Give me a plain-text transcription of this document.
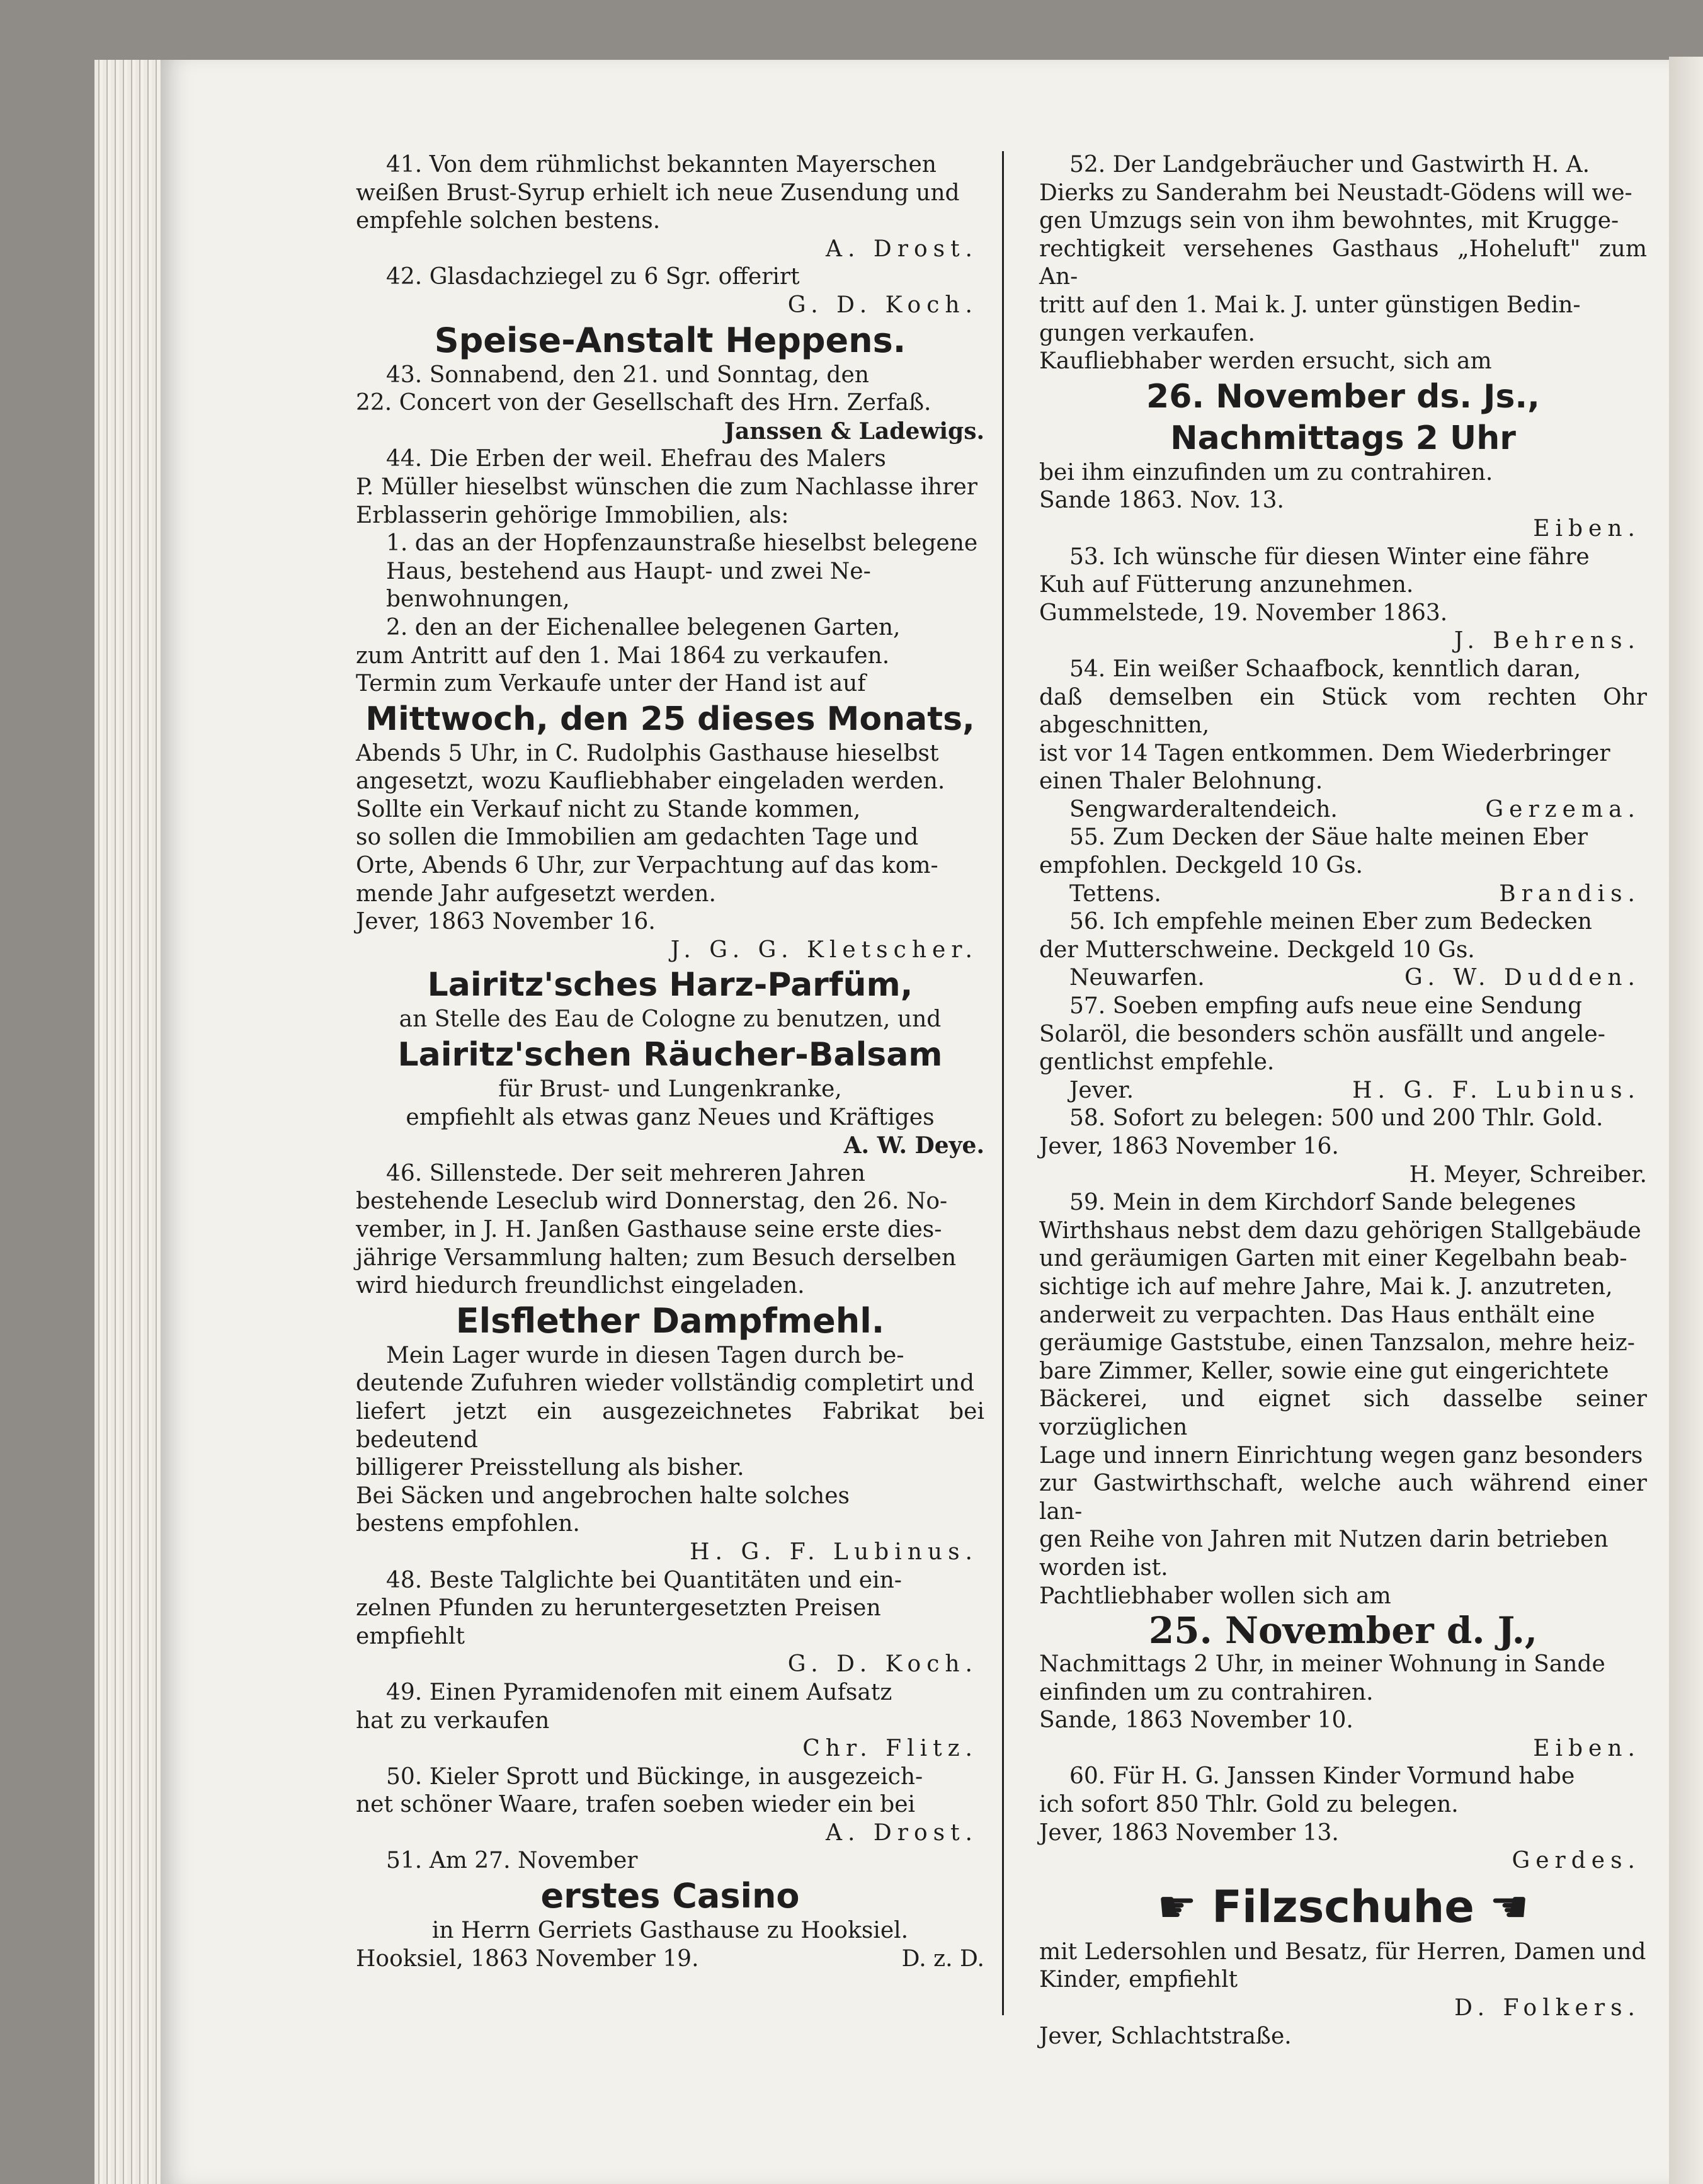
41. Von dem rühmlichst bekannten Mayerschen

weißen Brust-Syrup erhielt ich neue Zusendung und

empfehle solchen bestens.

A. Drost.

42. Glasdachziegel zu 6 Sgr. offerirt

G. D. Koch.

Speise-Anstalt Heppens.

43. Sonnabend, den 21. und Sonntag, den

22. Concert von der Gesellschaft des Hrn. Zerfaß.

Janssen & Ladewigs.

44. Die Erben der weil. Ehefrau des Malers

P. Müller hieselbst wünschen die zum Nachlasse ihrer

Erblasserin gehörige Immobilien, als:

1. das an der Hopfenzaunstraße hieselbst belegene

Haus, bestehend aus Haupt- und zwei Ne-

benwohnungen,

2. den an der Eichenallee belegenen Garten,

zum Antritt auf den 1. Mai 1864 zu verkaufen.

Termin zum Verkaufe unter der Hand ist auf

Mittwoch, den 25 dieses Monats,

Abends 5 Uhr, in C. Rudolphis Gasthause hieselbst

angesetzt, wozu Kaufliebhaber eingeladen werden.

Sollte ein Verkauf nicht zu Stande kommen,

so sollen die Immobilien am gedachten Tage und

Orte, Abends 6 Uhr, zur Verpachtung auf das kom-

mende Jahr aufgesetzt werden.

Jever, 1863 November 16.

J. G. G. Kletscher.

Lairitz'sches Harz-Parfüm,

an Stelle des Eau de Cologne zu benutzen, und

Lairitz'schen Räucher-Balsam

für Brust- und Lungenkranke,

empfiehlt als etwas ganz Neues und Kräftiges

A. W. Deye.

46. Sillenstede. Der seit mehreren Jahren

bestehende Leseclub wird Donnerstag, den 26. No-

vember, in J. H. Janßen Gasthause seine erste dies-

jährige Versammlung halten; zum Besuch derselben

wird hiedurch freundlichst eingeladen.

Elsflether Dampfmehl.

Mein Lager wurde in diesen Tagen durch be-

deutende Zufuhren wieder vollständig completirt und

liefert jetzt ein ausgezeichnetes Fabrikat bei bedeutend

billigerer Preisstellung als bisher.

Bei Säcken und angebrochen halte solches

bestens empfohlen.

H. G. F. Lubinus.

48. Beste Talglichte bei Quantitäten und ein-

zelnen Pfunden zu heruntergesetzten Preisen empfiehlt

G. D. Koch.

49. Einen Pyramidenofen mit einem Aufsatz

hat zu verkaufen

Chr. Flitz.

50. Kieler Sprott und Bückinge, in ausgezeich-

net schöner Waare, trafen soeben wieder ein bei

A. Drost.

51. Am 27. November

erstes Casino

in Herrn Gerriets Gasthause zu Hooksiel.

Hooksiel, 1863 November 19.	D. z. D.

52. Der Landgebräucher und Gastwirth H. A.

Dierks zu Sanderahm bei Neustadt-Gödens will we-

gen Umzugs sein von ihm bewohntes, mit Krugge-

rechtigkeit versehenes Gasthaus „Hoheluft" zum An-

tritt auf den 1. Mai k. J. unter günstigen Bedin-

gungen verkaufen.

Kaufliebhaber werden ersucht, sich am

26. November ds. Js.,

Nachmittags 2 Uhr

bei ihm einzufinden um zu contrahiren.

Sande 1863. Nov. 13.

Eiben.

53. Ich wünsche für diesen Winter eine fähre

Kuh auf Fütterung anzunehmen.

Gummelstede, 19. November 1863.

J. Behrens.

54. Ein weißer Schaafbock, kenntlich daran,

daß demselben ein Stück vom rechten Ohr abgeschnitten,

ist vor 14 Tagen entkommen. Dem Wiederbringer

einen Thaler Belohnung.

Sengwarderaltendeich.	Gerzema.

55. Zum Decken der Säue halte meinen Eber

empfohlen. Deckgeld 10 Gs.

Tettens.	Brandis.

56. Ich empfehle meinen Eber zum Bedecken

der Mutterschweine. Deckgeld 10 Gs.

Neuwarfen.	G. W. Dudden.

57. Soeben empfing aufs neue eine Sendung

Solaröl, die besonders schön ausfällt und angele-

gentlichst empfehle.

Jever.	H. G. F. Lubinus.

58. Sofort zu belegen: 500 und 200 Thlr. Gold.

Jever, 1863 November 16.

H. Meyer, Schreiber.

59. Mein in dem Kirchdorf Sande belegenes

Wirthshaus nebst dem dazu gehörigen Stallgebäude

und geräumigen Garten mit einer Kegelbahn beab-

sichtige ich auf mehre Jahre, Mai k. J. anzutreten,

anderweit zu verpachten. Das Haus enthält eine

geräumige Gaststube, einen Tanzsalon, mehre heiz-

bare Zimmer, Keller, sowie eine gut eingerichtete

Bäckerei, und eignet sich dasselbe seiner vorzüglichen

Lage und innern Einrichtung wegen ganz besonders

zur Gastwirthschaft, welche auch während einer lan-

gen Reihe von Jahren mit Nutzen darin betrieben

worden ist.

Pachtliebhaber wollen sich am

25. November d. J.,

Nachmittags 2 Uhr, in meiner Wohnung in Sande

einfinden um zu contrahiren.

Sande, 1863 November 10.

Eiben.

60. Für H. G. Janssen Kinder Vormund habe

ich sofort 850 Thlr. Gold zu belegen.

Jever, 1863 November 13.

Gerdes.

☛ Filzschuhe ☚

mit Ledersohlen und Besatz, für Herren, Damen und

Kinder, empfiehlt

D. Folkers.

Jever, Schlachtstraße.
